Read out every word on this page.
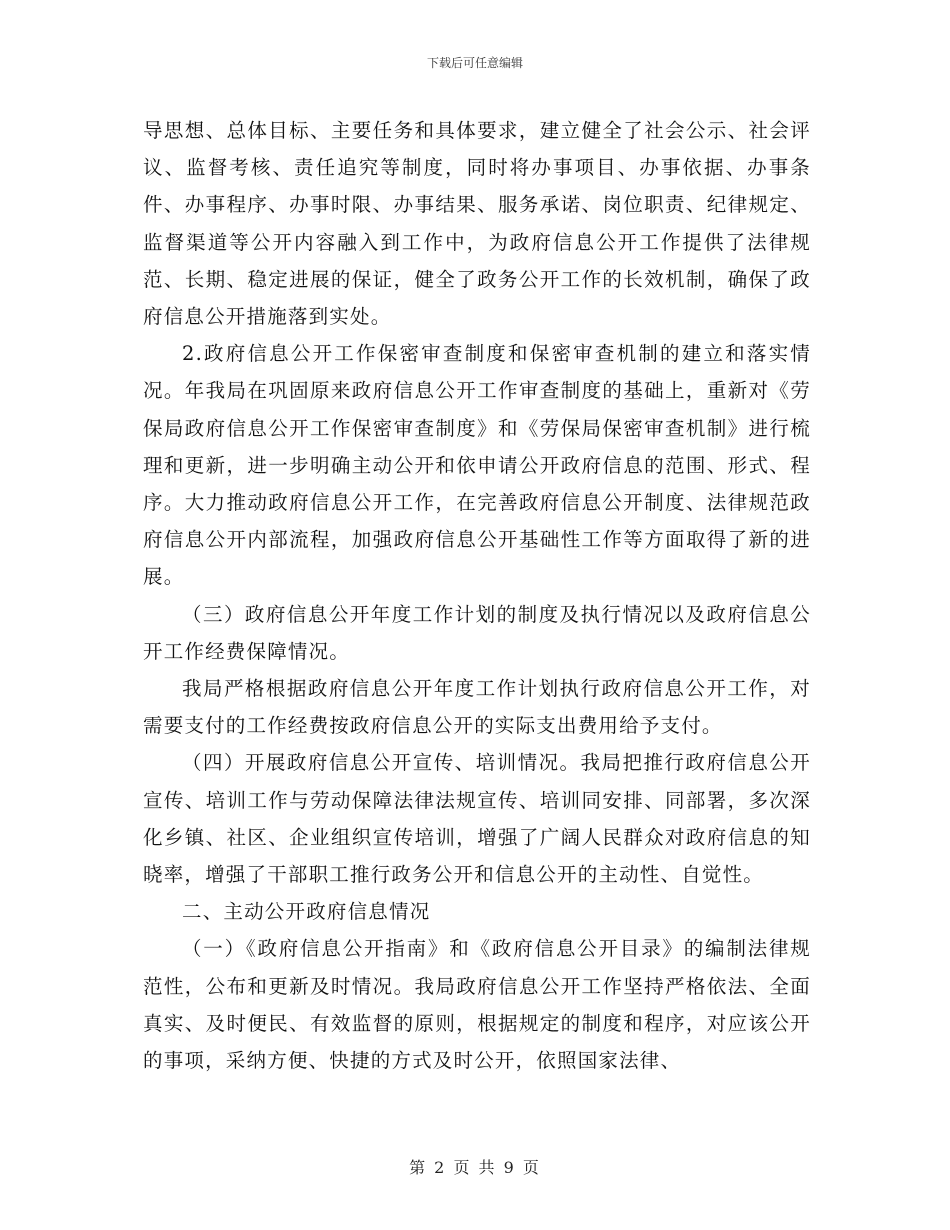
下载后可任意编辑

导思想、总体目标、主要任务和具体要求，建立健全了社会公示、社会评议、监督考核、责任追究等制度，同时将办事项目、办事依据、办事条件、办事程序、办事时限、办事结果、服务承诺、岗位职责、纪律规定、监督渠道等公开内容融入到工作中，为政府信息公开工作提供了法律规范、长期、稳定进展的保证，健全了政务公开工作的长效机制，确保了政府信息公开措施落到实处。

2.政府信息公开工作保密审查制度和保密审查机制的建立和落实情况。年我局在巩固原来政府信息公开工作审查制度的基础上，重新对《劳保局政府信息公开工作保密审查制度》和《劳保局保密审查机制》进行梳理和更新，进一步明确主动公开和依申请公开政府信息的范围、形式、程序。大力推动政府信息公开工作，在完善政府信息公开制度、法律规范政府信息公开内部流程，加强政府信息公开基础性工作等方面取得了新的进展。

（三）政府信息公开年度工作计划的制度及执行情况以及政府信息公开工作经费保障情况。

我局严格根据政府信息公开年度工作计划执行政府信息公开工作，对需要支付的工作经费按政府信息公开的实际支出费用给予支付。

（四）开展政府信息公开宣传、培训情况。我局把推行政府信息公开宣传、培训工作与劳动保障法律法规宣传、培训同安排、同部署，多次深化乡镇、社区、企业组织宣传培训，增强了广阔人民群众对政府信息的知晓率，增强了干部职工推行政务公开和信息公开的主动性、自觉性。

二、主动公开政府信息情况

（一）《政府信息公开指南》和《政府信息公开目录》的编制法律规范性，公布和更新及时情况。我局政府信息公开工作坚持严格依法、全面真实、及时便民、有效监督的原则，根据规定的制度和程序，对应该公开的事项，采纳方便、快捷的方式及时公开，依照国家法律、

第 2 页 共 9 页
